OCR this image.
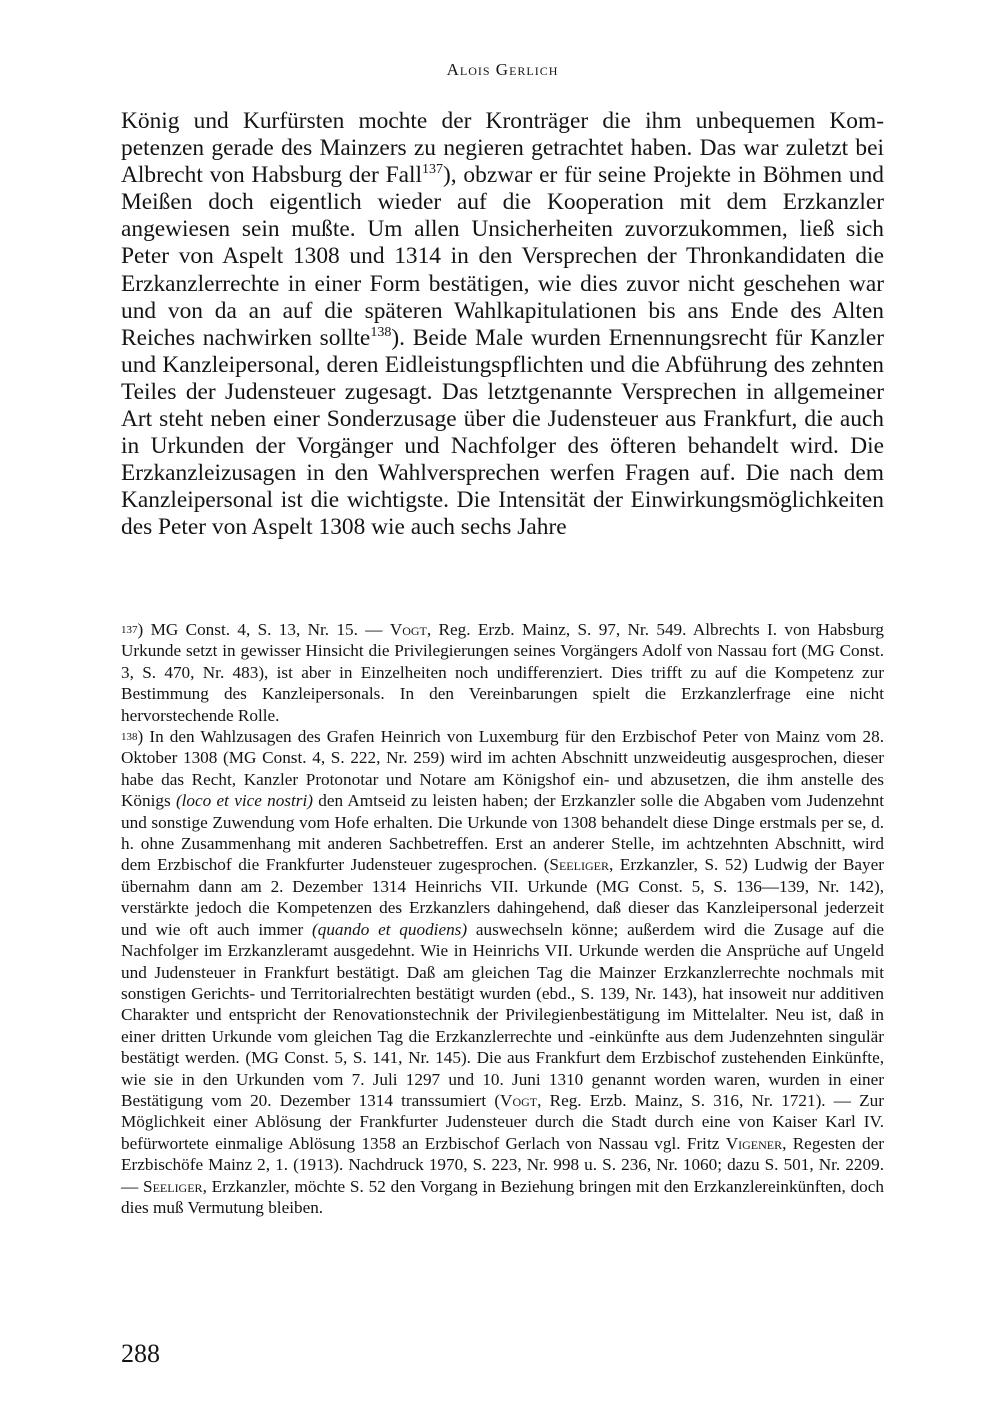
Alois Gerlich

König und Kurfürsten mochte der Kronträger die ihm unbequemen Kompetenzen gerade des Mainzers zu negieren getrachtet haben. Das war zuletzt bei Albrecht von Habsburg der Fall$^{137}$), obzwar er für seine Projekte in Böhmen und Meißen doch eigentlich wieder auf die Kooperation mit dem Erzkanzler angewiesen sein mußte. Um allen Unsicherheiten zuvorzukommen, ließ sich Peter von Aspelt 1308 und 1314 in den Versprechen der Thronkandidaten die Erzkanzlerrechte in einer Form bestätigen, wie dies zuvor nicht geschehen war und von da an auf die späteren Wahlkapitulationen bis ans Ende des Alten Reiches nachwirken sollte$^{138}$). Beide Male wurden Ernennungsrecht für Kanzler und Kanzleipersonal, deren Eidleistungspflichten und die Abführung des zehnten Teiles der Judensteuer zugesagt. Das letztgenannte Versprechen in allgemeiner Art steht neben einer Sonderzusage über die Judensteuer aus Frankfurt, die auch in Urkunden der Vorgänger und Nachfolger des öfteren behandelt wird. Die Erzkanzleizusagen in den Wahlversprechen werfen Fragen auf. Die nach dem Kanzleipersonal ist die wichtigste. Die Intensität der Einwirkungsmöglichkeiten des Peter von Aspelt 1308 wie auch sechs Jahre

$^{137}$) MG Const. 4, S. 13, Nr. 15. — Vogt, Reg. Erzb. Mainz, S. 97, Nr. 549. Albrechts I. von Habsburg Urkunde setzt in gewisser Hinsicht die Privilegierungen seines Vorgängers Adolf von Nassau fort (MG Const. 3, S. 470, Nr. 483), ist aber in Einzelheiten noch undifferenziert. Dies trifft zu auf die Kompetenz zur Bestimmung des Kanzleipersonals. In den Vereinbarungen spielt die Erzkanzlerfrage eine nicht hervorstechende Rolle.

$^{138}$) In den Wahlzusagen des Grafen Heinrich von Luxemburg für den Erzbischof Peter von Mainz vom 28. Oktober 1308 (MG Const. 4, S. 222, Nr. 259) wird im achten Abschnitt unzweideutig ausgesprochen, dieser habe das Recht, Kanzler Protonotar und Notare am Königshof ein- und abzusetzen, die ihm anstelle des Königs (loco et vice nostri) den Amtseid zu leisten haben; der Erzkanzler solle die Abgaben vom Judenzehnt und sonstige Zuwendung vom Hofe erhalten. Die Urkunde von 1308 behandelt diese Dinge erstmals per se, d. h. ohne Zusammenhang mit anderen Sachbetreffen. Erst an anderer Stelle, im achtzehnten Abschnitt, wird dem Erzbischof die Frankfurter Judensteuer zugesprochen. (Seeliger, Erzkanzler, S. 52) Ludwig der Bayer übernahm dann am 2. Dezember 1314 Heinrichs VII. Urkunde (MG Const. 5, S. 136—139, Nr. 142), verstärkte jedoch die Kompetenzen des Erzkanzlers dahingehend, daß dieser das Kanzleipersonal jederzeit und wie oft auch immer (quando et quodiens) auswechseln könne; außerdem wird die Zusage auf die Nachfolger im Erzkanzleramt ausgedehnt. Wie in Heinrichs VII. Urkunde werden die Ansprüche auf Ungeld und Judensteuer in Frankfurt bestätigt. Daß am gleichen Tag die Mainzer Erzkanzlerrechte nochmals mit sonstigen Gerichts- und Territorialrechten bestätigt wurden (ebd., S. 139, Nr. 143), hat insoweit nur additiven Charakter und entspricht der Renovationstechnik der Privilegienbestätigung im Mittelalter. Neu ist, daß in einer dritten Urkunde vom gleichen Tag die Erzkanzlerrechte und -einkünfte aus dem Judenzehnten singulär bestätigt werden. (MG Const. 5, S. 141, Nr. 145). Die aus Frankfurt dem Erzbischof zustehenden Einkünfte, wie sie in den Urkunden vom 7. Juli 1297 und 10. Juni 1310 genannt worden waren, wurden in einer Bestätigung vom 20. Dezember 1314 transsumiert (Vogt, Reg. Erzb. Mainz, S. 316, Nr. 1721). — Zur Möglichkeit einer Ablösung der Frankfurter Judensteuer durch die Stadt durch eine von Kaiser Karl IV. befürwortete einmalige Ablösung 1358 an Erzbischof Gerlach von Nassau vgl. Fritz Vigener, Regesten der Erzbischöfe Mainz 2, 1. (1913). Nachdruck 1970, S. 223, Nr. 998 u. S. 236, Nr. 1060; dazu S. 501, Nr. 2209. — Seeliger, Erzkanzler, möchte S. 52 den Vorgang in Beziehung bringen mit den Erzkanzlereinkünften, doch dies muß Vermutung bleiben.

288
